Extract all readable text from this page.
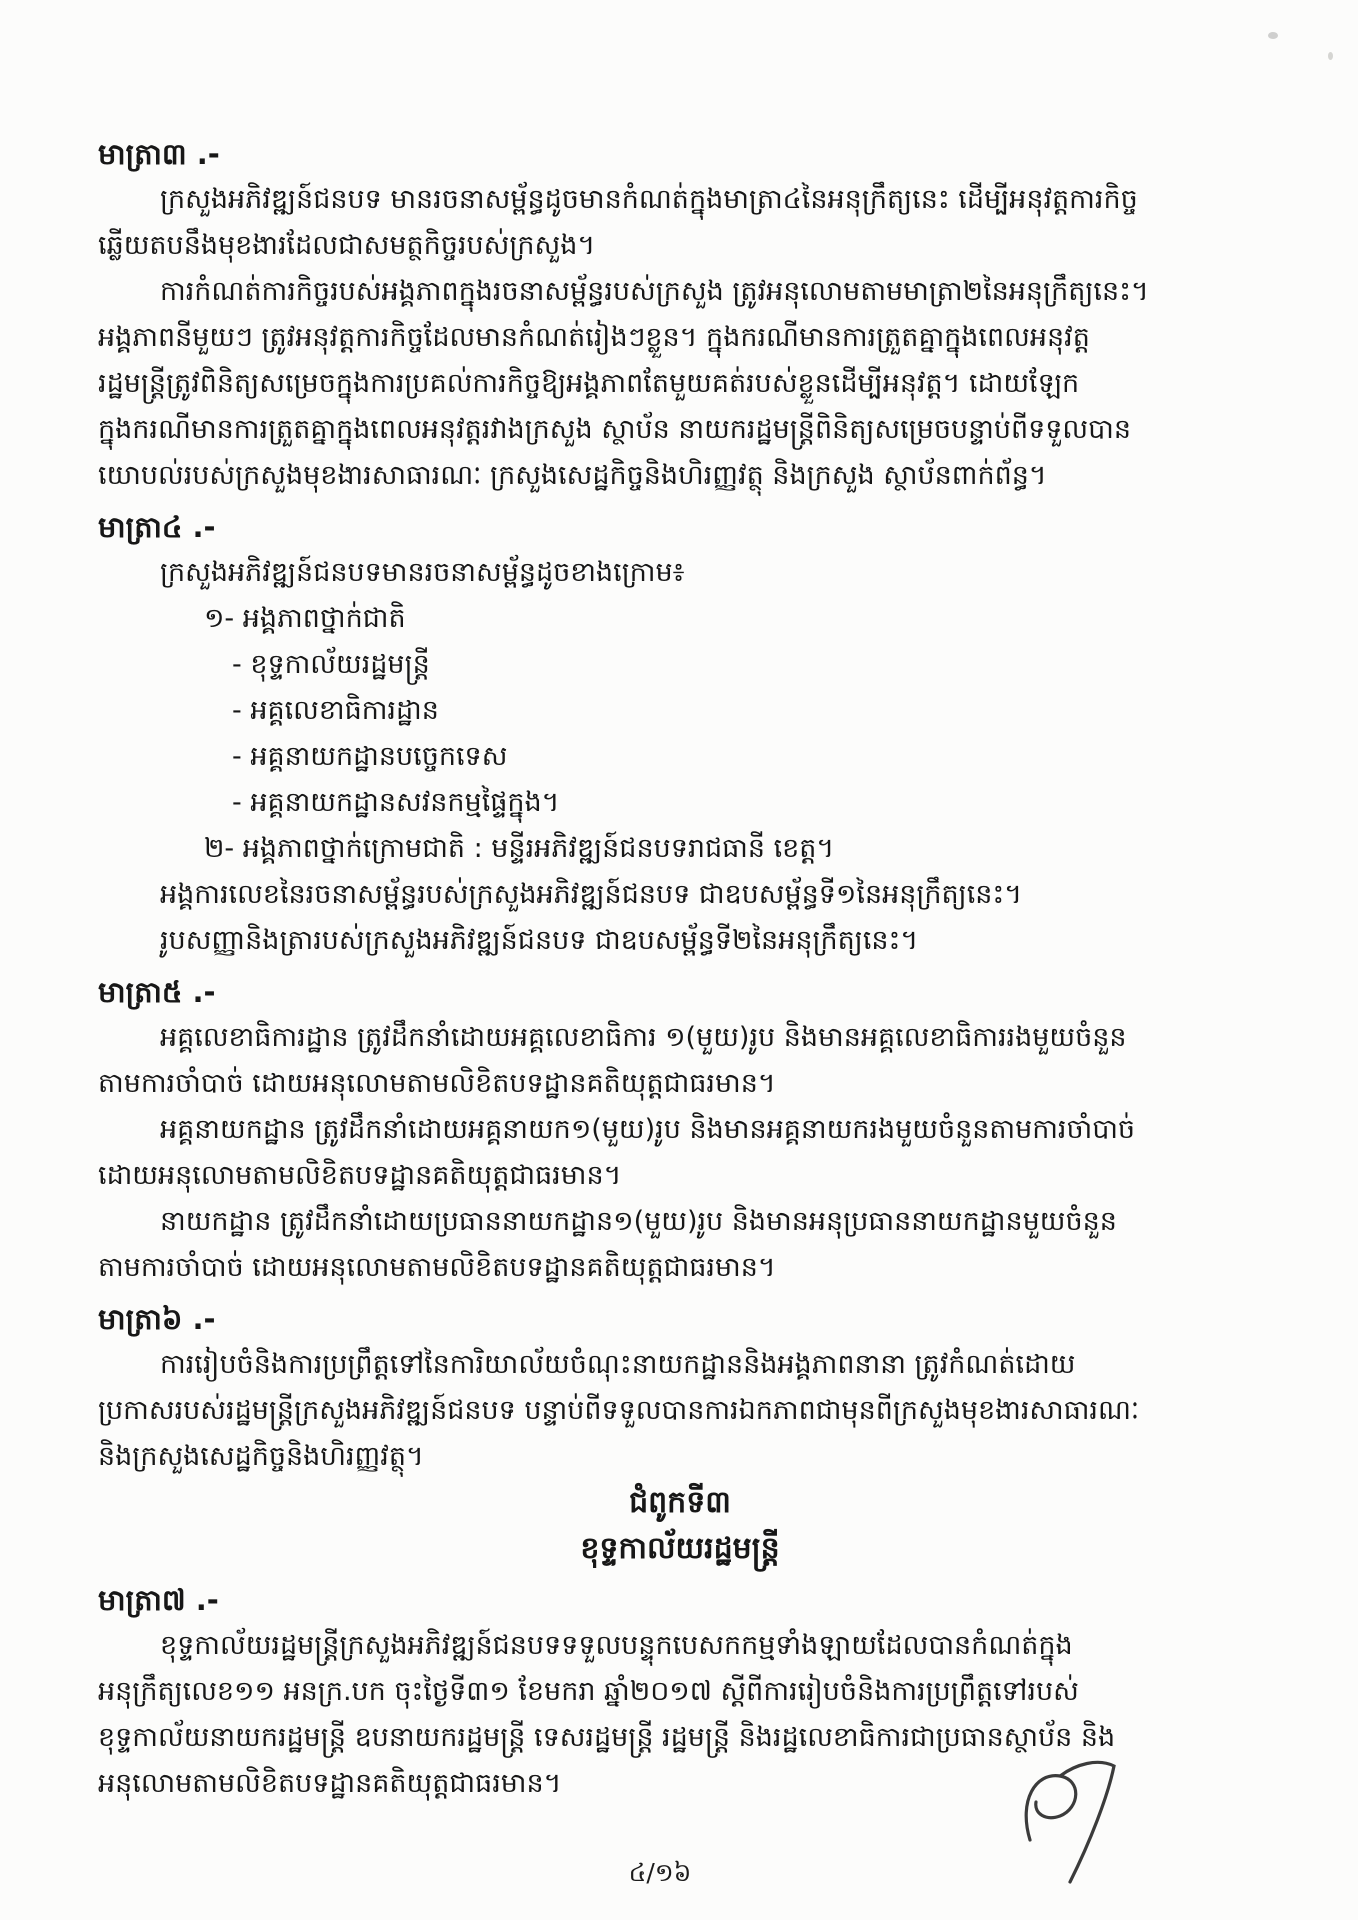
មាត្រា៣ .-
ក្រសួងអភិវឌ្ឍន៍ជនបទ មានរចនាសម្ព័ន្ធដូចមានកំណត់ក្នុងមាត្រា៤នៃអនុក្រឹត្យនេះ ដើម្បីអនុវត្តការកិច្ច
ឆ្លើយតបនឹងមុខងារដែលជាសមត្ថកិច្ចរបស់ក្រសួង។
ការកំណត់ការកិច្ចរបស់អង្គភាពក្នុងរចនាសម្ព័ន្ធរបស់ក្រសួង ត្រូវអនុលោមតាមមាត្រា២នៃអនុក្រឹត្យនេះ។
អង្គភាពនីមួយៗ ត្រូវអនុវត្តការកិច្ចដែលមានកំណត់រៀងៗខ្លួន។ ក្នុងករណីមានការត្រួតគ្នាក្នុងពេលអនុវត្ត
រដ្ឋមន្ត្រីត្រូវពិនិត្យសម្រេចក្នុងការប្រគល់ការកិច្ចឱ្យអង្គភាពតែមួយគត់របស់ខ្លួនដើម្បីអនុវត្ត។ ដោយឡែក
ក្នុងករណីមានការត្រួតគ្នាក្នុងពេលអនុវត្តរវាងក្រសួង ស្ថាប័ន នាយករដ្ឋមន្ត្រីពិនិត្យសម្រេចបន្ទាប់ពីទទួលបាន
យោបល់របស់ក្រសួងមុខងារសាធារណៈ ក្រសួងសេដ្ឋកិច្ចនិងហិរញ្ញវត្ថុ និងក្រសួង ស្ថាប័នពាក់ព័ន្ធ។
មាត្រា៤ .-
ក្រសួងអភិវឌ្ឍន៍ជនបទមានរចនាសម្ព័ន្ធដូចខាងក្រោម៖
១- អង្គភាពថ្នាក់ជាតិ
- ខុទ្ទកាល័យរដ្ឋមន្ត្រី
- អគ្គលេខាធិការដ្ឋាន
- អគ្គនាយកដ្ឋានបច្ចេកទេស
- អគ្គនាយកដ្ឋានសវនកម្មផ្ទៃក្នុង។
២- អង្គភាពថ្នាក់ក្រោមជាតិ : មន្ទីរអភិវឌ្ឍន៍ជនបទរាជធានី ខេត្ត។
អង្គការលេខនៃរចនាសម្ព័ន្ធរបស់ក្រសួងអភិវឌ្ឍន៍ជនបទ ជាឧបសម្ព័ន្ធទី១នៃអនុក្រឹត្យនេះ។
រូបសញ្ញានិងត្រារបស់ក្រសួងអភិវឌ្ឍន៍ជនបទ ជាឧបសម្ព័ន្ធទី២នៃអនុក្រឹត្យនេះ។
មាត្រា៥ .-
អគ្គលេខាធិការដ្ឋាន ត្រូវដឹកនាំដោយអគ្គលេខាធិការ ១(មួយ)រូប និងមានអគ្គលេខាធិការរងមួយចំនួន
តាមការចាំបាច់ ដោយអនុលោមតាមលិខិតបទដ្ឋានគតិយុត្តជាធរមាន។
អគ្គនាយកដ្ឋាន ត្រូវដឹកនាំដោយអគ្គនាយក១(មួយ)រូប និងមានអគ្គនាយករងមួយចំនួនតាមការចាំបាច់
ដោយអនុលោមតាមលិខិតបទដ្ឋានគតិយុត្តជាធរមាន។
នាយកដ្ឋាន ត្រូវដឹកនាំដោយប្រធាននាយកដ្ឋាន១(មួយ)រូប និងមានអនុប្រធាននាយកដ្ឋានមួយចំនួន
តាមការចាំបាច់ ដោយអនុលោមតាមលិខិតបទដ្ឋានគតិយុត្តជាធរមាន។
មាត្រា៦ .-
ការរៀបចំនិងការប្រព្រឹត្តទៅនៃការិយាល័យចំណុះនាយកដ្ឋាននិងអង្គភាពនានា ត្រូវកំណត់ដោយ
ប្រកាសរបស់រដ្ឋមន្ត្រីក្រសួងអភិវឌ្ឍន៍ជនបទ បន្ទាប់ពីទទួលបានការឯកភាពជាមុនពីក្រសួងមុខងារសាធារណៈ
និងក្រសួងសេដ្ឋកិច្ចនិងហិរញ្ញវត្ថុ។
ជំពូកទី៣
ខុទ្ទកាល័យរដ្ឋមន្ត្រី
មាត្រា៧ .-
ខុទ្ទកាល័យរដ្ឋមន្ត្រីក្រសួងអភិវឌ្ឍន៍ជនបទទទួលបន្ទុកបេសកកម្មទាំងឡាយដែលបានកំណត់ក្នុង
អនុក្រឹត្យលេខ១១ អនក្រ.បក ចុះថ្ងៃទី៣១ ខែមករា ឆ្នាំ២០១៧ ស្តីពីការរៀបចំនិងការប្រព្រឹត្តទៅរបស់
ខុទ្ទកាល័យនាយករដ្ឋមន្ត្រី ឧបនាយករដ្ឋមន្ត្រី ទេសរដ្ឋមន្ត្រី រដ្ឋមន្ត្រី និងរដ្ឋលេខាធិការជាប្រធានស្ថាប័ន និង
អនុលោមតាមលិខិតបទដ្ឋានគតិយុត្តជាធរមាន។
៤/១៦
